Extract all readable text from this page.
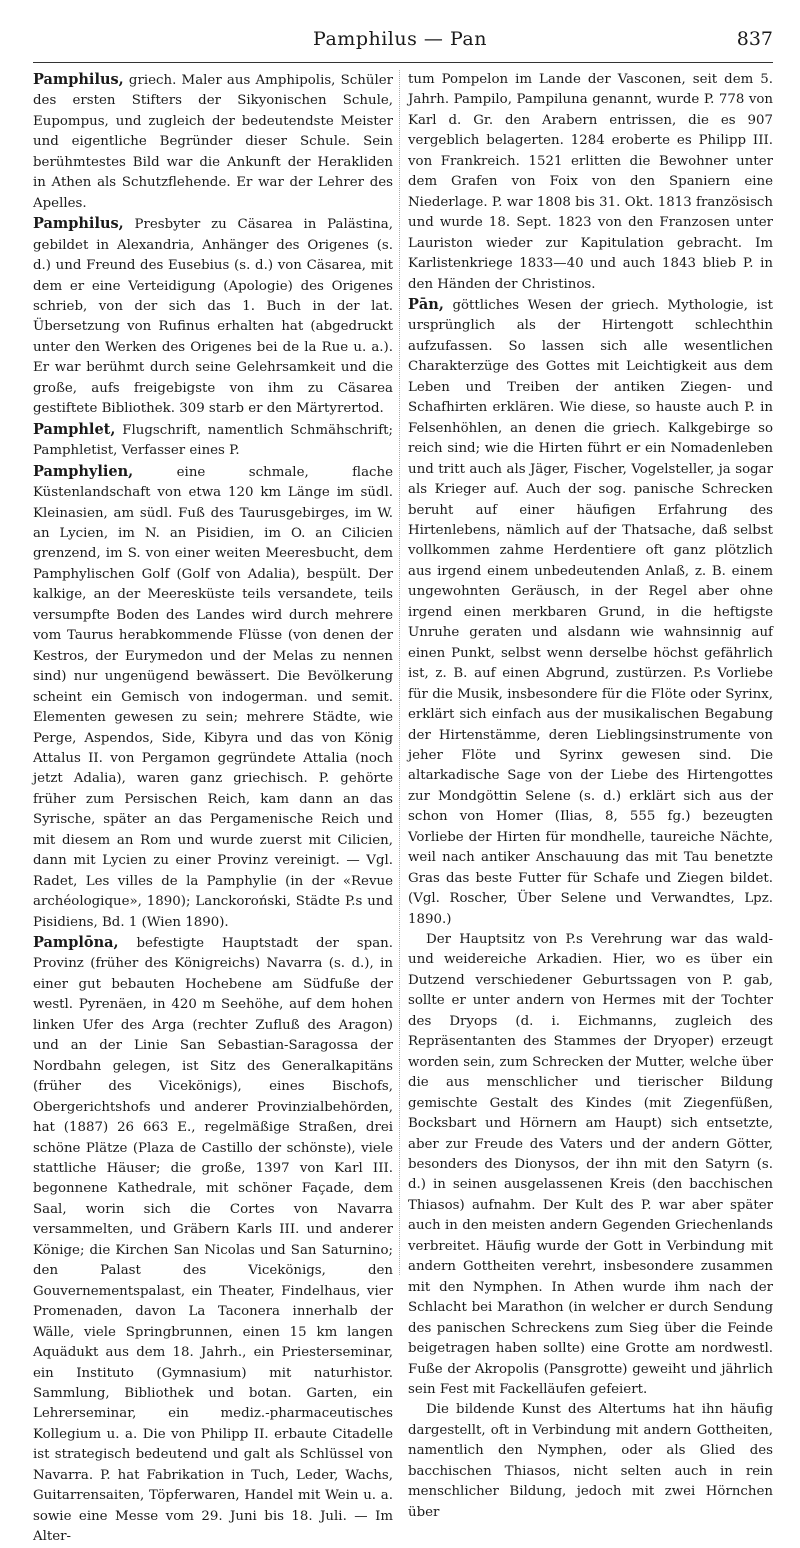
Pamphilus — Pan	837

Pamphilus, griech. Maler aus Amphipolis, Schüler des ersten Stifters der Sikyonischen Schule, Eupompus, und zugleich der bedeutendste Meister und eigentliche Begründer dieser Schule. Sein berühmtestes Bild war die Ankunft der Herakliden in Athen als Schutzflehende. Er war der Lehrer des Apelles.

Pamphilus, Presbyter zu Cäsarea in Palästina, gebildet in Alexandria, Anhänger des Origenes (s. d.) und Freund des Eusebius (s. d.) von Cäsarea, mit dem er eine Verteidigung (Apologie) des Origenes schrieb, von der sich das 1. Buch in der lat. Übersetzung von Rufinus erhalten hat (abgedruckt unter den Werken des Origenes bei de la Rue u. a.). Er war berühmt durch seine Gelehrsamkeit und die große, aufs freigebigste von ihm zu Cäsarea gestiftete Bibliothek. 309 starb er den Märtyrertod.

Pamphlet, Flugschrift, namentlich Schmähschrift; Pamphletist, Verfasser eines P.

Pamphylien, eine schmale, flache Küstenlandschaft von etwa 120 km Länge im südl. Kleinasien, am südl. Fuß des Taurusgebirges, im W. an Lycien, im N. an Pisidien, im O. an Cilicien grenzend, im S. von einer weiten Meeresbucht, dem Pamphylischen Golf (Golf von Adalia), bespült. Der kalkige, an der Meeresküste teils versandete, teils versumpfte Boden des Landes wird durch mehrere vom Taurus herabkommende Flüsse (von denen der Kestros, der Eurymedon und der Melas zu nennen sind) nur ungenügend bewässert. Die Bevölkerung scheint ein Gemisch von indogerman. und semit. Elementen gewesen zu sein; mehrere Städte, wie Perge, Aspendos, Side, Kibyra und das von König Attalus II. von Pergamon gegründete Attalia (noch jetzt Adalia), waren ganz griechisch. P. gehörte früher zum Persischen Reich, kam dann an das Syrische, später an das Pergamenische Reich und mit diesem an Rom und wurde zuerst mit Cilicien, dann mit Lycien zu einer Provinz vereinigt. — Vgl. Radet, Les villes de la Pamphylie (in der «Revue archéologique», 1890); Lanckoroński, Städte P.s und Pisidiens, Bd. 1 (Wien 1890).

Pamplōna, befestigte Hauptstadt der span. Provinz (früher des Königreichs) Navarra (s. d.), in einer gut bebauten Hochebene am Südfuße der westl. Pyrenäen, in 420 m Seehöhe, auf dem hohen linken Ufer des Arga (rechter Zufluß des Aragon) und an der Linie San Sebastian-Saragossa der Nordbahn gelegen, ist Sitz des Generalkapitäns (früher des Vicekönigs), eines Bischofs, Obergerichtshofs und anderer Provinzialbehörden, hat (1887) 26 663 E., regelmäßige Straßen, drei schöne Plätze (Plaza de Castillo der schönste), viele stattliche Häuser; die große, 1397 von Karl III. begonnene Kathedrale, mit schöner Façade, dem Saal, worin sich die Cortes von Navarra versammelten, und Gräbern Karls III. und anderer Könige; die Kirchen San Nicolas und San Saturnino; den Palast des Vicekönigs, den Gouvernementspalast, ein Theater, Findelhaus, vier Promenaden, davon La Taconera innerhalb der Wälle, viele Springbrunnen, einen 15 km langen Aquädukt aus dem 18. Jahrh., ein Priesterseminar, ein Instituto (Gymnasium) mit naturhistor. Sammlung, Bibliothek und botan. Garten, ein Lehrerseminar, ein mediz.-pharmaceutisches Kollegium u. a. Die von Philipp II. erbaute Citadelle ist strategisch bedeutend und galt als Schlüssel von Navarra. P. hat Fabrikation in Tuch, Leder, Wachs, Guitarrensaiten, Töpferwaren, Handel mit Wein u. a. sowie eine Messe vom 29. Juni bis 18. Juli. — Im Alter-

tum Pompelon im Lande der Vasconen, seit dem 5. Jahrh. Pampilo, Pampiluna genannt, wurde P. 778 von Karl d. Gr. den Arabern entrissen, die es 907 vergeblich belagerten. 1284 eroberte es Philipp III. von Frankreich. 1521 erlitten die Bewohner unter dem Grafen von Foix von den Spaniern eine Niederlage. P. war 1808 bis 31. Okt. 1813 französisch und wurde 18. Sept. 1823 von den Franzosen unter Lauriston wieder zur Kapitulation gebracht. Im Karlistenkriege 1833—40 und auch 1843 blieb P. in den Händen der Christinos.

Pān, göttliches Wesen der griech. Mythologie, ist ursprünglich als der Hirtengott schlechthin aufzufassen. So lassen sich alle wesentlichen Charakterzüge des Gottes mit Leichtigkeit aus dem Leben und Treiben der antiken Ziegen- und Schafhirten erklären. Wie diese, so hauste auch P. in Felsenhöhlen, an denen die griech. Kalkgebirge so reich sind; wie die Hirten führt er ein Nomadenleben und tritt auch als Jäger, Fischer, Vogelsteller, ja sogar als Krieger auf. Auch der sog. panische Schrecken beruht auf einer häufigen Erfahrung des Hirtenlebens, nämlich auf der Thatsache, daß selbst vollkommen zahme Herdentiere oft ganz plötzlich aus irgend einem unbedeutenden Anlaß, z. B. einem ungewohnten Geräusch, in der Regel aber ohne irgend einen merkbaren Grund, in die heftigste Unruhe geraten und alsdann wie wahnsinnig auf einen Punkt, selbst wenn derselbe höchst gefährlich ist, z. B. auf einen Abgrund, zustürzen. P.s Vorliebe für die Musik, insbesondere für die Flöte oder Syrinx, erklärt sich einfach aus der musikalischen Begabung der Hirtenstämme, deren Lieblingsinstrumente von jeher Flöte und Syrinx gewesen sind. Die altarkadische Sage von der Liebe des Hirtengottes zur Mondgöttin Selene (s. d.) erklärt sich aus der schon von Homer (Ilias, 8, 555 fg.) bezeugten Vorliebe der Hirten für mondhelle, taureiche Nächte, weil nach antiker Anschauung das mit Tau benetzte Gras das beste Futter für Schafe und Ziegen bildet. (Vgl. Roscher, Über Selene und Verwandtes, Lpz. 1890.)

Der Hauptsitz von P.s Verehrung war das wald- und weidereiche Arkadien. Hier, wo es über ein Dutzend verschiedener Geburtssagen von P. gab, sollte er unter andern von Hermes mit der Tochter des Dryops (d. i. Eichmanns, zugleich des Repräsentanten des Stammes der Dryoper) erzeugt worden sein, zum Schrecken der Mutter, welche über die aus menschlicher und tierischer Bildung gemischte Gestalt des Kindes (mit Ziegenfüßen, Bocksbart und Hörnern am Haupt) sich entsetzte, aber zur Freude des Vaters und der andern Götter, besonders des Dionysos, der ihn mit den Satyrn (s. d.) in seinen ausgelassenen Kreis (den bacchischen Thiasos) aufnahm. Der Kult des P. war aber später auch in den meisten andern Gegenden Griechenlands verbreitet. Häufig wurde der Gott in Verbindung mit andern Gottheiten verehrt, insbesondere zusammen mit den Nymphen. In Athen wurde ihm nach der Schlacht bei Marathon (in welcher er durch Sendung des panischen Schreckens zum Sieg über die Feinde beigetragen haben sollte) eine Grotte am nordwestl. Fuße der Akropolis (Pansgrotte) geweiht und jährlich sein Fest mit Fackelläufen gefeiert.

Die bildende Kunst des Altertums hat ihn häufig dargestellt, oft in Verbindung mit andern Gottheiten, namentlich den Nymphen, oder als Glied des bacchischen Thiasos, nicht selten auch in rein menschlicher Bildung, jedoch mit zwei Hörnchen über
